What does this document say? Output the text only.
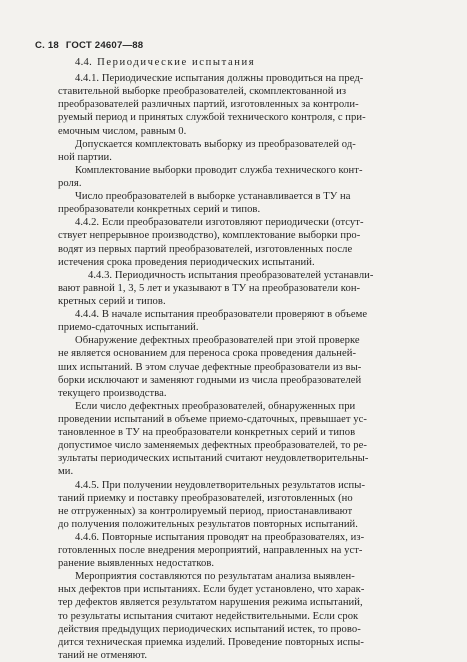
С. 18 ГОСТ 24607—88
4.4. Периодические испытания
4.4.1. Периодические испытания должны проводиться на пред-
ставительной выборке преобразователей, скомплектованной из
преобразователей различных партий, изготовленных за контроли-
руемый период и принятых службой технического контроля, с при-
емочным числом, равным 0.
Допускается комплектовать выборку из преобразователей од-
ной партии.
Комплектование выборки проводит служба технического конт-
роля.
Число преобразователей в выборке устанавливается в ТУ на
преобразователи конкретных серий и типов.
4.4.2. Если преобразователи изготовляют периодически (отсут-
ствует непрерывное производство), комплектование выборки про-
водят из первых партий преобразователей, изготовленных после
истечения срока проведения периодических испытаний.
4.4.3. Периодичность испытания преобразователей устанавли-
вают равной 1, 3, 5 лет и указывают в ТУ на преобразователи кон-
кретных серий и типов.
4.4.4. В начале испытания преобразователи проверяют в объеме
приемо-сдаточных испытаний.
Обнаружение дефектных преобразователей при этой проверке
не является основанием для переноса срока проведения дальней-
ших испытаний. В этом случае дефектные преобразователи из вы-
борки исключают и заменяют годными из числа преобразователей
текущего производства.
Если число дефектных преобразователей, обнаруженных при
проведении испытаний в объеме приемо-сдаточных, превышает ус-
тановленное в ТУ на преобразователи конкретных серий и типов
допустимое число заменяемых дефектных преобразователей, то ре-
зультаты периодических испытаний считают неудовлетворительны-
ми.
4.4.5. При получении неудовлетворительных результатов испы-
таний приемку и поставку преобразователей, изготовленных (но
не отгруженных) за контролируемый период, приостанавливают
до получения положительных результатов повторных испытаний.
4.4.6. Повторные испытания проводят на преобразователях, из-
готовленных после внедрения мероприятий, направленных на уст-
ранение выявленных недостатков.
Мероприятия составляются по результатам анализа выявлен-
ных дефектов при испытаниях. Если будет установлено, что харак-
тер дефектов является результатом нарушения режима испытаний,
то результаты испытания считают недействительными. Если срок
действия предыдущих периодических испытаний истек, то прово-
дится техническая приемка изделий. Проведение повторных испы-
таний не отменяют.
